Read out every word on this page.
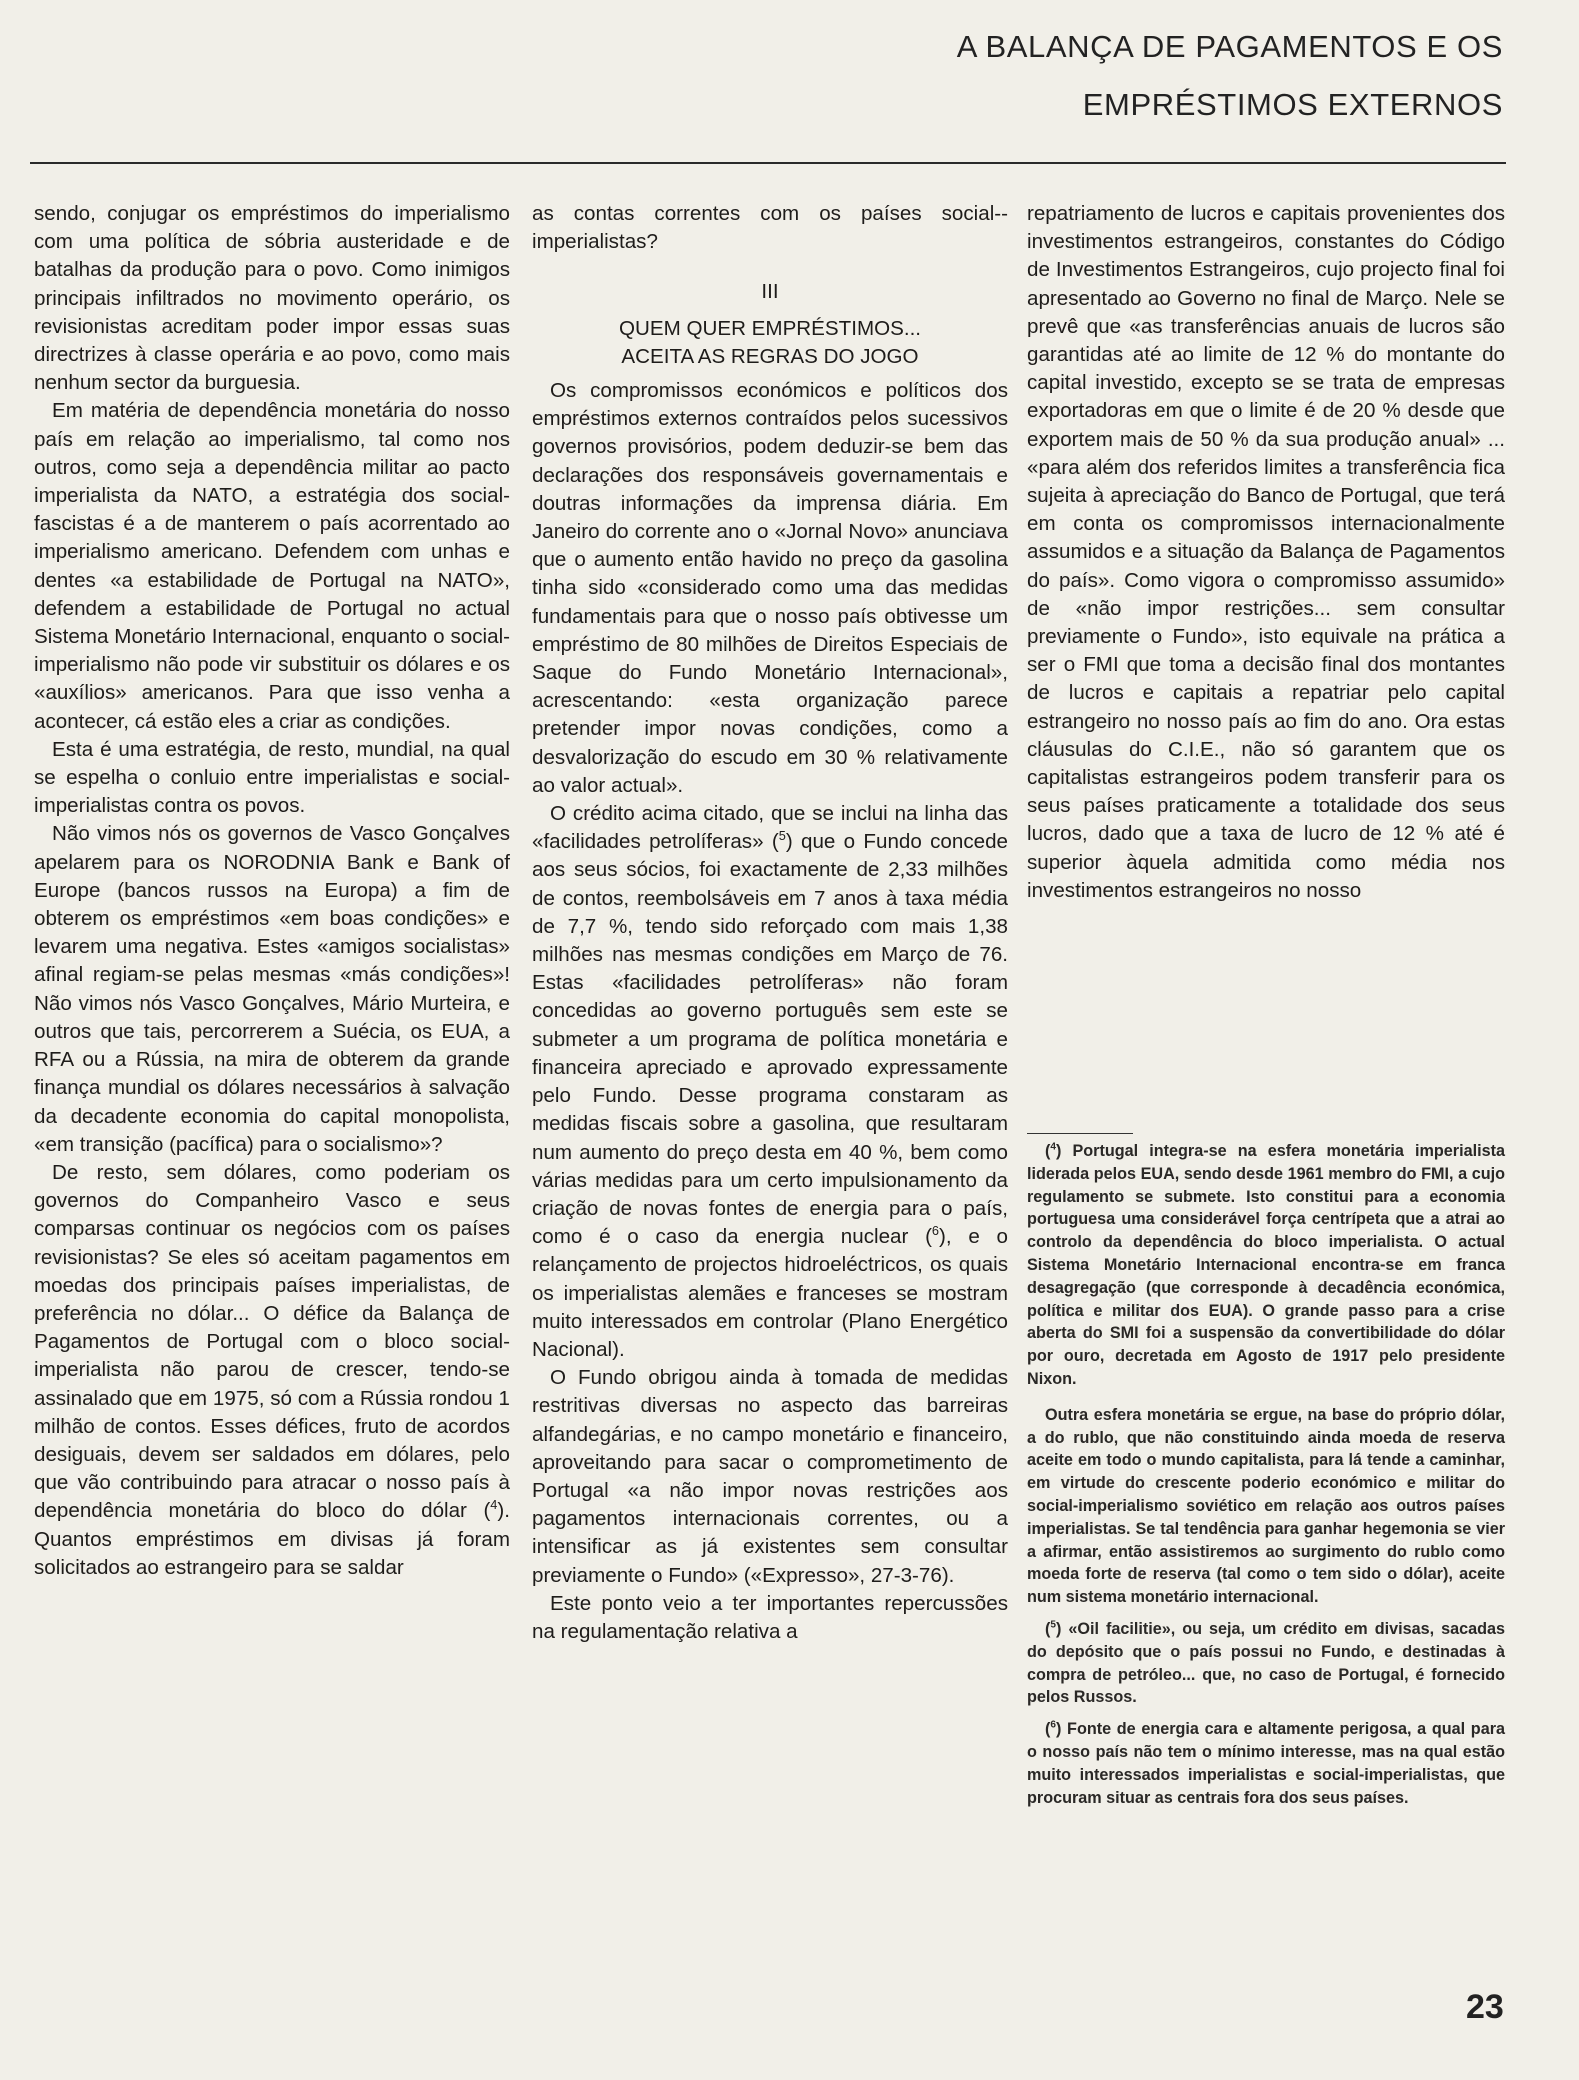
A BALANÇA DE PAGAMENTOS E OS
EMPRÉSTIMOS EXTERNOS

sendo, conjugar os empréstimos do imperialismo com uma política de sóbria austeridade e de batalhas da produção para o povo. Como inimigos principais infiltrados no movimento operário, os revisionistas acreditam poder impor essas suas directrizes à classe operária e ao povo, como mais nenhum sector da burguesia.

Em matéria de dependência monetária do nosso país em relação ao imperialismo, tal como nos outros, como seja a dependência militar ao pacto imperialista da NATO, a estratégia dos social-fascistas é a de manterem o país acorrentado ao imperialismo americano. Defendem com unhas e dentes «a estabilidade de Portugal na NATO», defendem a estabilidade de Portugal no actual Sistema Monetário Internacional, enquanto o social-imperialismo não pode vir substituir os dólares e os «auxílios» americanos. Para que isso venha a acontecer, cá estão eles a criar as condições.

Esta é uma estratégia, de resto, mundial, na qual se espelha o conluio entre imperialistas e social-imperialistas contra os povos.

Não vimos nós os governos de Vasco Gonçalves apelarem para os NORODNIA Bank e Bank of Europe (bancos russos na Europa) a fim de obterem os empréstimos «em boas condições» e levarem uma negativa. Estes «amigos socialistas» afinal regiam-se pelas mesmas «más condições»! Não vimos nós Vasco Gonçalves, Mário Murteira, e outros que tais, percorrerem a Suécia, os EUA, a RFA ou a Rússia, na mira de obterem da grande finança mundial os dólares necessários à salvação da decadente economia do capital monopolista, «em transição (pacífica) para o socialismo»?

De resto, sem dólares, como poderiam os governos do Companheiro Vasco e seus comparsas continuar os negócios com os países revisionistas? Se eles só aceitam pagamentos em moedas dos principais países imperialistas, de preferência no dólar... O défice da Balança de Pagamentos de Portugal com o bloco social-imperialista não parou de crescer, tendo-se assinalado que em 1975, só com a Rússia rondou 1 milhão de contos. Esses défices, fruto de acordos desiguais, devem ser saldados em dólares, pelo que vão contribuindo para atracar o nosso país à dependência monetária do bloco do dólar ($^4$). Quantos empréstimos em divisas já foram solicitados ao estrangeiro para se saldar

as contas correntes com os países social--imperialistas?

III
QUEM QUER EMPRÉSTIMOS...
ACEITA AS REGRAS DO JOGO

Os compromissos económicos e políticos dos empréstimos externos contraídos pelos sucessivos governos provisórios, podem deduzir-se bem das declarações dos responsáveis governamentais e doutras informações da imprensa diária. Em Janeiro do corrente ano o «Jornal Novo» anunciava que o aumento então havido no preço da gasolina tinha sido «considerado como uma das medidas fundamentais para que o nosso país obtivesse um empréstimo de 80 milhões de Direitos Especiais de Saque do Fundo Monetário Internacional», acrescentando: «esta organização parece pretender impor novas condições, como a desvalorização do escudo em 30 % relativamente ao valor actual».

O crédito acima citado, que se inclui na linha das «facilidades petrolíferas» ($^5$) que o Fundo concede aos seus sócios, foi exactamente de 2,33 milhões de contos, reembolsáveis em 7 anos à taxa média de 7,7 %, tendo sido reforçado com mais 1,38 milhões nas mesmas condições em Março de 76. Estas «facilidades petrolíferas» não foram concedidas ao governo português sem este se submeter a um programa de política monetária e financeira apreciado e aprovado expressamente pelo Fundo. Desse programa constaram as medidas fiscais sobre a gasolina, que resultaram num aumento do preço desta em 40 %, bem como várias medidas para um certo impulsionamento da criação de novas fontes de energia para o país, como é o caso da energia nuclear ($^6$), e o relançamento de projectos hidroeléctricos, os quais os imperialistas alemães e franceses se mostram muito interessados em controlar (Plano Energético Nacional).

O Fundo obrigou ainda à tomada de medidas restritivas diversas no aspecto das barreiras alfandegárias, e no campo monetário e financeiro, aproveitando para sacar o comprometimento de Portugal «a não impor novas restrições aos pagamentos internacionais correntes, ou a intensificar as já existentes sem consultar previamente o Fundo» («Expresso», 27-3-76).

Este ponto veio a ter importantes repercussões na regulamentação relativa a

repatriamento de lucros e capitais provenientes dos investimentos estrangeiros, constantes do Código de Investimentos Estrangeiros, cujo projecto final foi apresentado ao Governo no final de Março. Nele se prevê que «as transferências anuais de lucros são garantidas até ao limite de 12 % do montante do capital investido, excepto se se trata de empresas exportadoras em que o limite é de 20 % desde que exportem mais de 50 % da sua produção anual» ... «para além dos referidos limites a transferência fica sujeita à apreciação do Banco de Portugal, que terá em conta os compromissos internacionalmente assumidos e a situação da Balança de Pagamentos do país». Como vigora o compromisso assumido» de «não impor restrições... sem consultar previamente o Fundo», isto equivale na prática a ser o FMI que toma a decisão final dos montantes de lucros e capitais a repatriar pelo capital estrangeiro no nosso país ao fim do ano. Ora estas cláusulas do C.I.E., não só garantem que os capitalistas estrangeiros podem transferir para os seus países praticamente a totalidade dos seus lucros, dado que a taxa de lucro de 12 % até é superior àquela admitida como média nos investimentos estrangeiros no nosso

($^4$) Portugal integra-se na esfera monetária imperialista liderada pelos EUA, sendo desde 1961 membro do FMI, a cujo regulamento se submete. Isto constitui para a economia portuguesa uma considerável força centrípeta que a atrai ao controlo da dependência do bloco imperialista. O actual Sistema Monetário Internacional encontra-se em franca desagregação (que corresponde à decadência económica, política e militar dos EUA). O grande passo para a crise aberta do SMI foi a suspensão da convertibilidade do dólar por ouro, decretada em Agosto de 1917 pelo presidente Nixon.

Outra esfera monetária se ergue, na base do próprio dólar, a do rublo, que não constituindo ainda moeda de reserva aceite em todo o mundo capitalista, para lá tende a caminhar, em virtude do crescente poderio económico e militar do social-imperialismo soviético em relação aos outros países imperialistas. Se tal tendência para ganhar hegemonia se vier a afirmar, então assistiremos ao surgimento do rublo como moeda forte de reserva (tal como o tem sido o dólar), aceite num sistema monetário internacional.

($^5$) «Oil facilitie», ou seja, um crédito em divisas, sacadas do depósito que o país possui no Fundo, e destinadas à compra de petróleo... que, no caso de Portugal, é fornecido pelos Russos.

($^6$) Fonte de energia cara e altamente perigosa, a qual para o nosso país não tem o mínimo interesse, mas na qual estão muito interessados imperialistas e social-imperialistas, que procuram situar as centrais fora dos seus países.

23
